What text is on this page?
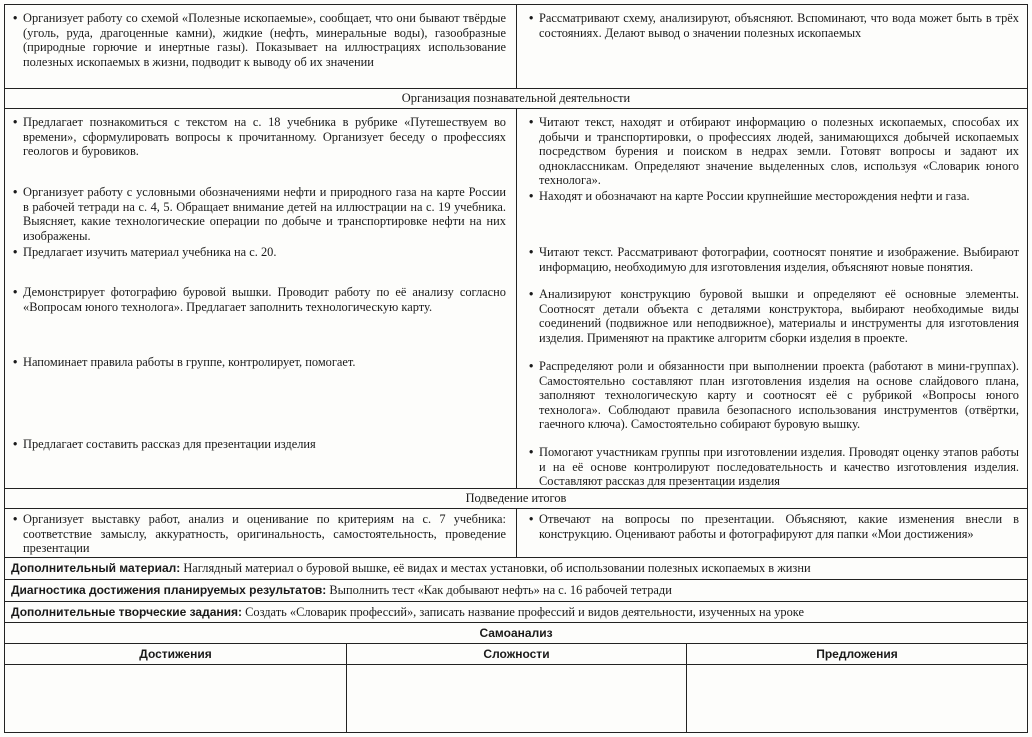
• Организует работу со схемой «Полезные ископаемые», сообщает, что они бывают твёрдые (уголь, руда, драгоценные камни), жидкие (нефть, минеральные воды), газообразные (природные горючие и инертные газы). Показывает на иллюстрациях использование полезных ископаемых в жизни, подводит к выводу об их значении
• Рассматривают схему, анализируют, объясняют. Вспоминают, что вода может быть в трёх состояниях. Делают вывод о значении полезных ископаемых
Организация познавательной деятельности
• Предлагает познакомиться с текстом на с. 18 учебника в рубрике «Путешествуем во времени», сформулировать вопросы к прочитанному. Организует беседу о профессиях геологов и буровиков.
• Организует работу с условными обозначениями нефти и природного газа на карте России в рабочей тетради на с. 4, 5. Обращает внимание детей на иллюстрации на с. 19 учебника. Выясняет, какие технологические операции по добыче и транспортировке нефти на них изображены.
• Предлагает изучить материал учебника на с. 20.
• Демонстрирует фотографию буровой вышки. Проводит работу по её анализу согласно «Вопросам юного технолога». Предлагает заполнить технологическую карту.
• Напоминает правила работы в группе, контролирует, помогает.
• Предлагает составить рассказ для презентации изделия
• Читают текст, находят и отбирают информацию о полезных ископаемых, способах их добычи и транспортировки, о профессиях людей, занимающихся добычей ископаемых посредством бурения и поиском в недрах земли. Готовят вопросы и задают их одноклассникам. Определяют значение выделенных слов, используя «Словарик юного технолога».
• Находят и обозначают на карте России крупнейшие месторождения нефти и газа.
• Читают текст. Рассматривают фотографии, соотносят понятие и изображение. Выбирают информацию, необходимую для изготовления изделия, объясняют новые понятия.
• Анализируют конструкцию буровой вышки и определяют её основные элементы. Соотносят детали объекта с деталями конструктора, выбирают необходимые виды соединений (подвижное или неподвижное), материалы и инструменты для изготовления изделия. Применяют на практике алгоритм сборки изделия в проекте.
• Распределяют роли и обязанности при выполнении проекта (работают в мини-группах). Самостоятельно составляют план изготовления изделия на основе слайдового плана, заполняют технологическую карту и соотносят её с рубрикой «Вопросы юного технолога». Соблюдают правила безопасного использования инструментов (отвёртки, гаечного ключа). Самостоятельно собирают буровую вышку.
• Помогают участникам группы при изготовлении изделия. Проводят оценку этапов работы и на её основе контролируют последовательность и качество изготовления изделия. Составляют рассказ для презентации изделия
Подведение итогов
• Организует выставку работ, анализ и оценивание по критериям на с. 7 учебника: соответствие замыслу, аккуратность, оригинальность, самостоятельность, проведение презентации
• Отвечают на вопросы по презентации. Объясняют, какие изменения внесли в конструкцию. Оценивают работы и фотографируют для папки «Мои достижения»
Дополнительный материал: Наглядный материал о буровой вышке, её видах и местах установки, об использовании полезных ископаемых в жизни
Диагностика достижения планируемых результатов: Выполнить тест «Как добывают нефть» на с. 16 рабочей тетради
Дополнительные творческие задания: Создать «Словарик профессий», записать название профессий и видов деятельности, изученных на уроке
Самоанализ
Достижения	Сложности	Предложения
